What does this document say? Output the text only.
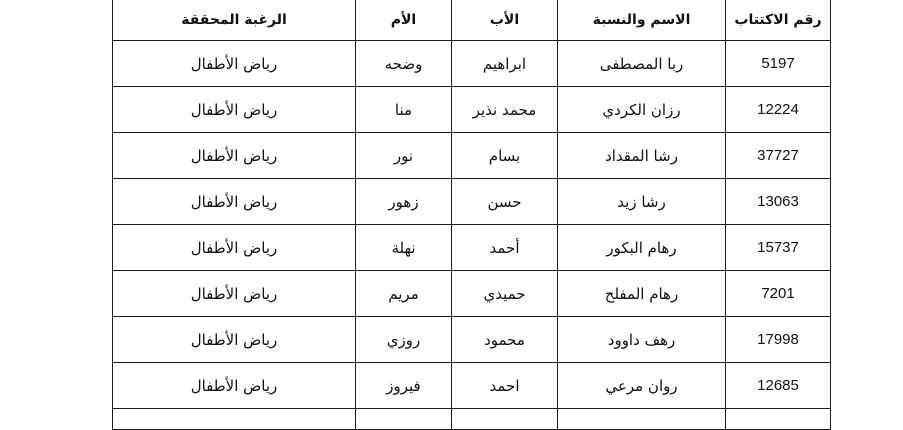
رقم الاكتتاب	الاسم والنسبة	الأب	الأم	الرغبة المحققة
5197	ربا المصطفى	ابراهيم	وضحه	رياض الأطفال
12224	رزان الكردي	محمد نذير	منا	رياض الأطفال
37727	رشا المقداد	بسام	نور	رياض الأطفال
13063	رشا زيد	حسن	زهور	رياض الأطفال
15737	رهام البكور	أحمد	نهلة	رياض الأطفال
7201	رهام المفلح	حميدي	مريم	رياض الأطفال
17998	رهف داوود	محمود	روزي	رياض الأطفال
12685	روان مرعي	احمد	فيروز	رياض الأطفال
